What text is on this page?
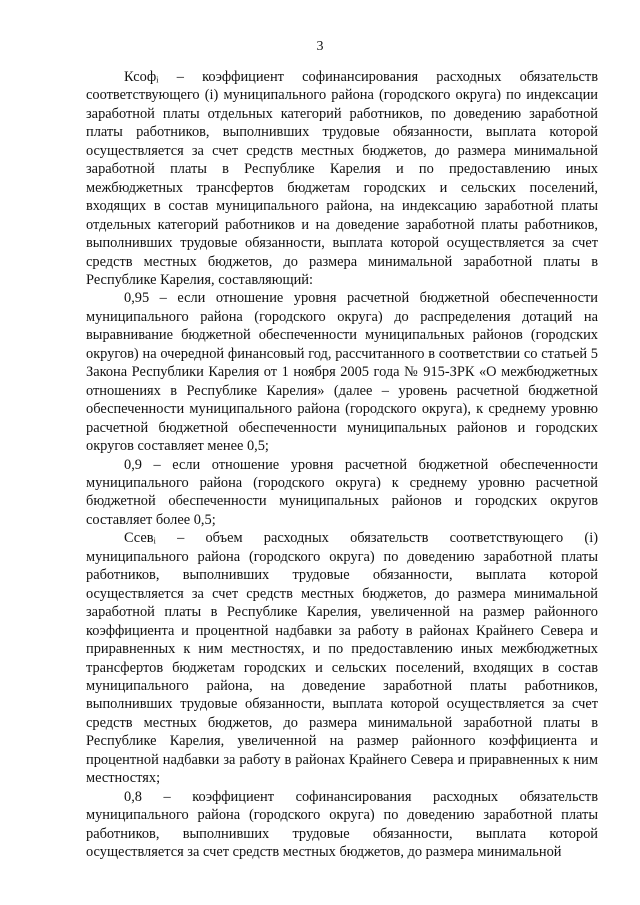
3

Ксофᵢ – коэффициент софинансирования расходных обязательств соответствующего (i) муниципального района (городского округа) по индексации заработной платы отдельных категорий работников, по доведению заработной платы работников, выполнивших трудовые обязанности, выплата которой осуществляется за счет средств местных бюджетов, до размера минимальной заработной платы в Республике Карелия и по предоставлению иных межбюджетных трансфертов бюджетам городских и сельских поселений, входящих в состав муниципального района, на индексацию заработной платы отдельных категорий работников и на доведение заработной платы работников, выполнивших трудовые обязанности, выплата которой осуществляется за счет средств местных бюджетов, до размера минимальной заработной платы в Республике Карелия, составляющий:

0,95 – если отношение уровня расчетной бюджетной обеспеченности муниципального района (городского округа) до распределения дотаций на выравнивание бюджетной обеспеченности муниципальных районов (городских округов) на очередной финансовый год, рассчитанного в соответствии со статьей 5 Закона Республики Карелия от 1 ноября 2005 года № 915-ЗРК «О межбюджетных отношениях в Республике Карелия» (далее – уровень расчетной бюджетной обеспеченности муниципального района (городского округа), к среднему уровню расчетной бюджетной обеспеченности муниципальных районов и городских округов составляет менее 0,5;

0,9 – если отношение уровня расчетной бюджетной обеспеченности муниципального района (городского округа) к среднему уровню расчетной бюджетной обеспеченности муниципальных районов и городских округов составляет более 0,5;

Ссевᵢ – объем расходных обязательств соответствующего (i) муниципального района (городского округа) по доведению заработной платы работников, выполнивших трудовые обязанности, выплата которой осуществляется за счет средств местных бюджетов, до размера минимальной заработной платы в Республике Карелия, увеличенной на размер районного коэффициента и процентной надбавки за работу в районах Крайнего Севера и приравненных к ним местностях, и по предоставлению иных межбюджетных трансфертов бюджетам городских и сельских поселений, входящих в состав муниципального района, на доведение заработной платы работников, выполнивших трудовые обязанности, выплата которой осуществляется за счет средств местных бюджетов, до размера минимальной заработной платы в Республике Карелия, увеличенной на размер районного коэффициента и процентной надбавки за работу в районах Крайнего Севера и приравненных к ним местностях;

0,8 – коэффициент софинансирования расходных обязательств муниципального района (городского округа) по доведению заработной платы работников, выполнивших трудовые обязанности, выплата которой осуществляется за счет средств местных бюджетов, до размера минимальной
